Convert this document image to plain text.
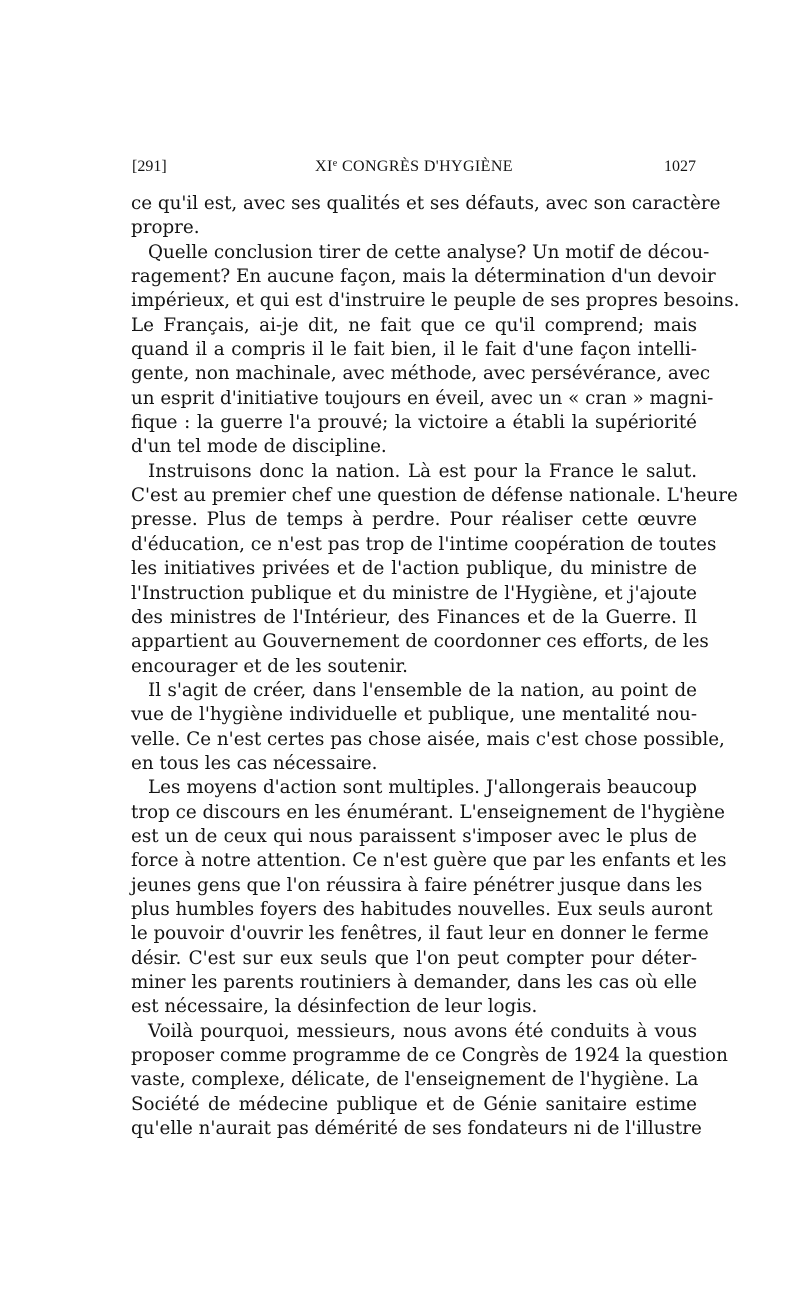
[291]	XIe CONGRÈS D'HYGIÈNE	1027
ce qu'il est, avec ses qualités et ses défauts, avec son caractère
propre.
Quelle conclusion tirer de cette analyse? Un motif de décou-
ragement? En aucune façon, mais la détermination d'un devoir
impérieux, et qui est d'instruire le peuple de ses propres besoins.
Le Français, ai-je dit, ne fait que ce qu'il comprend; mais
quand il a compris il le fait bien, il le fait d'une façon intelli-
gente, non machinale, avec méthode, avec persévérance, avec
un esprit d'initiative toujours en éveil, avec un « cran » magni-
fique : la guerre l'a prouvé; la victoire a établi la supériorité
d'un tel mode de discipline.
Instruisons donc la nation. Là est pour la France le salut.
C'est au premier chef une question de défense nationale. L'heure
presse. Plus de temps à perdre. Pour réaliser cette œuvre
d'éducation, ce n'est pas trop de l'intime coopération de toutes
les initiatives privées et de l'action publique, du ministre de
l'Instruction publique et du ministre de l'Hygiène, et j'ajoute
des ministres de l'Intérieur, des Finances et de la Guerre. Il
appartient au Gouvernement de coordonner ces efforts, de les
encourager et de les soutenir.
Il s'agit de créer, dans l'ensemble de la nation, au point de
vue de l'hygiène individuelle et publique, une mentalité nou-
velle. Ce n'est certes pas chose aisée, mais c'est chose possible,
en tous les cas nécessaire.
Les moyens d'action sont multiples. J'allongerais beaucoup
trop ce discours en les énumérant. L'enseignement de l'hygiène
est un de ceux qui nous paraissent s'imposer avec le plus de
force à notre attention. Ce n'est guère que par les enfants et les
jeunes gens que l'on réussira à faire pénétrer jusque dans les
plus humbles foyers des habitudes nouvelles. Eux seuls auront
le pouvoir d'ouvrir les fenêtres, il faut leur en donner le ferme
désir. C'est sur eux seuls que l'on peut compter pour déter-
miner les parents routiniers à demander, dans les cas où elle
est nécessaire, la désinfection de leur logis.
Voilà pourquoi, messieurs, nous avons été conduits à vous
proposer comme programme de ce Congrès de 1924 la question
vaste, complexe, délicate, de l'enseignement de l'hygiène. La
Société de médecine publique et de Génie sanitaire estime
qu'elle n'aurait pas démérité de ses fondateurs ni de l'illustre
